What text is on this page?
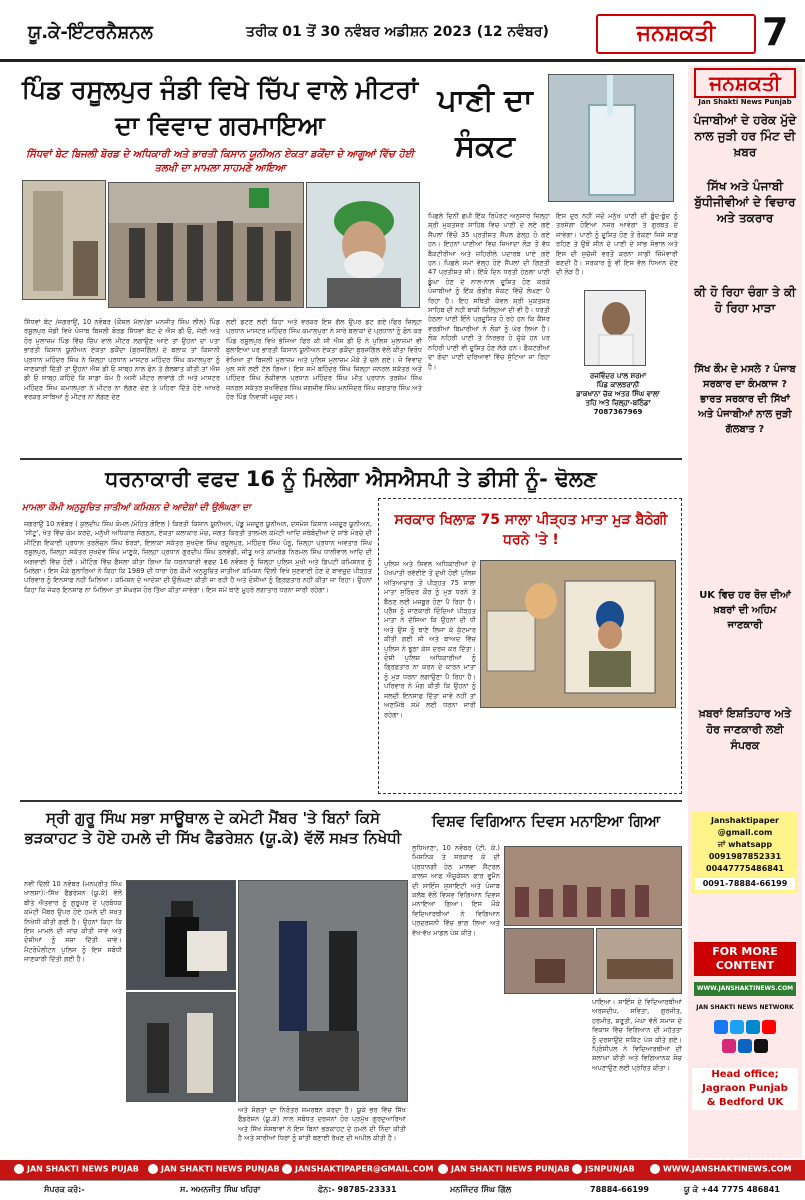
ਯੂ.ਕੇ-ਇੰਟਰਨੈਸ਼ਨਲ	ਤਰੀਕ 01 ਤੋਂ 30 ਨਵੰਬਰ ਅਡੀਸ਼ਨ 2023 (12 ਨਵੰਬਰ)	ਜਨਸ਼ਕਤੀ	7
ਪਿੰਡ ਰਸੂਲਪੁਰ ਜੰਡੀ ਵਿਖੇ ਚਿੱਪ ਵਾਲੇ ਮੀਟਰਾਂ ਦਾ ਵਿਵਾਦ ਗਰਮਾਇਆ
ਸਿੱਧਵਾਂ ਬੇਟ ਬਿਜਲੀ ਬੋਰਡ ਦੇ ਅਧਿਕਾਰੀ ਅਤੇ ਭਾਰਤੀ ਕਿਸਾਨ ਯੂਨੀਅਨ ਏਕਤਾ ਡਕੌਂਦਾ ਦੇ ਆਗੂਆਂ ਵਿੱਚ ਹੋਈ ਤਲਖੀ ਦਾ ਮਾਮਲਾ ਸਾਹਮਣੇ ਆਇਆ
ਸਿੱਧਵਾਂ ਬੇਟ /ਜਗਰਾਉਂ, 10 ਨਵੰਬਰ (ਕੌਸ਼ਲ ਮੱਲਾ/ਡਾ ਮਨਜੀਤ ਸਿੰਘ ਲੀਲ) ਪਿੰਡ ਰਸੂਲਪੁਰ ਜੰਡੀ ਵਿਖੇ ਪੰਜਾਬ ਬਿਜਲੀ ਬੋਰਡ ਸਿੱਧਵਾਂ ਬੇਟ ਦੇ ਐਸ ਡੀ ਓ, ਜੇਈ ਅਤੇ ਹੋਰ ਮੁਲਾਜ਼ਮ ਪਿੰਡ ਵਿੱਚ ਚਿੱਪ ਵਾਲੇ ਮੀਟਰ ਲਗਾਉਣ ਆਏ ਤਾਂ ਉਹਨਾਂ ਦਾ ਪਤਾ ਭਾਰਤੀ ਕਿਸਾਨ ਯੂਨੀਅਨ ਏਕਤਾ ਡਕੌਂਦਾ (ਬੁਰਜਗਿੱਲ) ਦੇ ਬਲਾਕ ਤਾਂ ਕਿਸਾਨੀ ਪ੍ਰਧਾਨ ਮਹਿੰਦਰ ਸਿੰਘ ਨੇ ਜ਼ਿਲ੍ਹਾ ਪ੍ਰਧਾਨ ਮਾਸਟਰ ਮਹਿੰਦਰ ਸਿੰਘ ਕਮਾਲਪੁਰਾ ਨੂੰ ਜਾਣਕਾਰੀ ਦਿੱਤੀ ਤਾਂ ਉਹਨਾਂ ਐਸ ਡੀ ਓ ਸਾਬ੍ਹ ਨਾਲ ਫੋਨ ਤੇ ਗੱਲਬਾਤ ਕੀਤੀ ਤਾਂ ਐਸ ਡੀ ਓ ਸਾਬ੍ਹ ਕਹਿੰਦੇ ਕਿ ਸਾਡਾ ਕੰਮ ਹੈ ਅਸੀਂ ਮੀਟਰ ਲਾਵਾਂਗੇ ਹੀ ਅਤੇ ਮਾਸਟਰ ਮਹਿੰਦਰ ਸਿੰਘ ਕਮਾਲਪੁਰਾ ਨੇ ਮੀਟਰ ਨਾ ਲੱਗਣ ਦੇਣ ਤੇ ਪਹਿਰਾ ਦਿੱਤੇ ਹੋਏ ਆਖਰੇ ਵਰਕਰ ਸਾਥਿਆਂ ਨੂੰ ਮੀਟਰ ਨਾ ਲੱਗਣ ਦੇਣ
ਲਈ ਡਟਣ ਲਈ ਕਿਹਾ ਅਤੇ ਵਰਕਰ ਇਸ ਗੱਲ ਉਪਰ ਡਟ ਗਏ।ਫਿਰ ਜ਼ਿਲ੍ਹਾ ਪ੍ਰਧਾਨ ਮਾਸਟਰ ਮਹਿੰਦਰ ਸਿੰਘ ਕਮਾਲਪੁਰਾ ਨੇ ਸਾਰੇ ਬਲਾਕਾਂ ਦੇ ਪ੍ਰਧਾਨਾਂ ਨੂੰ ਫੋਨ ਕਰ ਪਿੰਡ ਰਸੂਲਪੁਰ ਵਿਖੇ ਭੇਜਿਆ ਫਿਰ ਕੀ ਸੀ ਐਸ ਡੀ ਓ ਨੇ ਪੁਲਿਸ ਮੁਲਾਜ਼ਮਾਂ ਵੀ ਬੁਲਾਇਆ ਪਰ ਭਾਰਤੀ ਕਿਸਾਨ ਯੂਨੀਅਨ ਏਕਤਾ ਡਕੌਂਦਾ ਬੁਰਜਗਿੱਲ ਵੱਲੋਂ ਕੀਤਾ ਵਿਰੋਧ ਵੇਖਿਆ ਤਾਂ ਬਿਜਲੀ ਮੁਲਾਜ਼ਮ ਅਤੇ ਪੁਲਿਸ ਮੁਲਾਜ਼ਮ ਮੌਕੇ ਤੋਂ ਚਲੇ ਗਏ। ਜੋ ਵਿਵਾਦ ਖੁਲ ਸਨੇ ਲਈ ਟੱਲ ਗਿਆ। ਇਸ ਸਮੇਂ ਬਹਿੰਦਰ ਸਿੰਘ ਜ਼ਿਲ੍ਹਾ ਜਨਰਲ ਸਕੱਤਰ ਅਤੇ ਪਹਿੰਦਰ ਸਿੰਘ ਲੋਕੀਵਾਲ ਪ੍ਰਧਾਨ ਮਹਿੰਦਰ ਸਿੰਘ ਮੀਤ ਪ੍ਰਧਾਨ ਤਰਸੇਮ ਸਿੰਘ ਜਨਰਲ ਸਕੱਤਰ ਸੁਖਵਿੰਦਰ ਸਿੰਘ ਜਗਜੀਵ ਸਿੰਘ ਮਨਜਿੰਦਰ ਸਿੰਘ ਜਗਤਾਰ ਸਿੰਘ ਅਤੇ ਹੋਰ ਪਿੰਡ ਨਿਵਾਸੀ ਮਜੂਦ ਸਨ।
ਪਾਣੀ ਦਾ ਸੰਕਟ
ਪਿਛਲੇ ਦਿਨੀਂ ਛਪੀ ਇੱਕ ਰਿਪੋਰਟ ਅਨੁਸਾਰ ਜ਼ਿਲ੍ਹਾ ਸ਼੍ਰੀ ਮੁਕਤਸਰ ਸਾਹਿਬ ਵਿਚ ਪਾਣੀ ਦੇ ਲਏ ਗਏ ਸੈਂਪਲਾਂ ਵਿੱਚੋਂ 35 ਪ੍ਰਤੀਸ਼ਤ ਸੈਂਪਲ ਫ਼ੇਲ੍ਹ ਹੋ ਗਏ ਹਨ। ਇਹਨਾਂ ਪਾਣੀਆਂ ਵਿਚ ਜ਼ਿਆਦਾ ਲੋੜ ਤੋਂ ਵੱਧ ਬੈਕਟੀਰੀਆ ਅਤੇ ਜ਼ਹਿਰੀਲੇ ਪਦਾਰਥ ਪਾਏ ਗਏ ਹਨ। ਪਿਛਲੇ ਸਮਾਂ ਵੇਲ੍ਹ ਹੋਏ ਸੈਂਪਲਾਂ ਦੀ ਗਿਣਤੀ 47 ਪ੍ਰਤੀਸ਼ਤ ਸੀ। ਇੱਕੋ ਦਿਨ ਧਰਤੀ ਹੇਠਲਾ ਪਾਣੀ ਡੂੰਘਾ ਹੋਣ ਦੇ ਨਾਲ-ਨਾਲ ਦੂਸ਼ਿਤ ਹੋਣ ਕਰਕੇ ਪੰਜਾਬੀਆਂ ਨੂੰ ਇੱਕ ਗੰਭੀਰ ਸੰਕਟ ਵਿੱਚੋਂ ਲੰਘਣਾ ਪੈ ਰਿਹਾ ਹੈ। ਇਹ ਸਥਿਤੀ ਕੇਵਲ ਸ਼੍ਰੀ ਮੁਕਤਸਰ ਸਾਹਿਬ ਦੀ ਨਹੀਂ ਬਾਕੀ ਜ਼ਿਲ੍ਹਿਆਂ ਦੀ ਵੀ ਹੈ। ਧਰਤੀ ਹੇਠਲਾ ਪਾਣੀ ਇੰਨੇ ਪ੍ਰਦੂਸ਼ਿਤ ਹੋ ਰਹੇ ਹਨ ਕਿ ਕੈਂਸਰ ਵਰਗੀਆਂ ਬਿਮਾਰੀਆਂ ਨੇ ਲੋਕਾਂ ਨੂੰ ਘੇਰ ਲਿਆ ਹੈ। ਲੋਕ ਨਹਿਰੀ ਪਾਣੀ ਤੇ ਨਿਰਭਰ ਹੋ ਚੁੱਕੇ ਹਨ ਪਰ ਨਹਿਰੀ ਪਾਣੀ ਵੀ ਦੂਸ਼ਿਤ ਹੋਣ ਲੱਗੇ ਹਨ। ਫੈਕਟਰੀਆਂ ਦਾ ਗੰਦਾ ਪਾਣੀ ਦਰਿਆਵਾਂ ਵਿੱਚ ਸੁੱਟਿਆ ਜਾ ਰਿਹਾ ਹੈ।
ਇਸ ਦੁਰ ਨਹੀਂ ਜਦੋਂ ਮਨੁੱਖ ਪਾਣੀ ਦੀ ਬੂੰਦ-ਬੂੰਦ ਨੂੰ ਤਰਸੇਗਾ ਹੋਇਆ ਨਜ਼ਰ ਆਵੇਗਾ ਤੇ ਗੁਰਬਤ ਦੇ ਜਾਵੇਗਾ। ਪਾਣੀ ਨੂੰ ਦੂਸ਼ਿਤ ਹੋਣ ਤੋਂ ਰੋਕਣਾ ਜਿਸੇ ਸਾਫ਼ ਰਹਿਣ ਤੇ ਉਥੋਂ ਸੀਨ ਦੇ ਪਾਣੀ ਦੇ ਸਾਂਭ ਸੰਭਾਲ ਅਤੇ ਇਸ ਦੀ ਸੁਚੱਜੀ ਵਰਤੋਂ ਕਰਨਾ ਸਾਡੀ ਜ਼ਿੰਮੇਵਾਰੀ ਬਣਦੀ ਹੈ। ਸਰਕਾਰ ਨੂੰ ਵੀ ਇਸ ਵੱਲ ਧਿਆਨ ਦੇਣ ਦੀ ਲੋੜ ਹੈ।
ਰਜਵਿੰਦਰ ਪਾਲ ਸ਼ਰਮਾ
ਪਿੰਡ ਕਾਲਝਰਾਨੀ
ਡਾਕਖਾਨਾ ਚੱਕ ਅਤਰ ਸਿੰਘ ਵਾਲਾ
ਤਹਿ ਅਤੇ ਜ਼ਿਲ੍ਹਾ-ਬਠਿੰਡਾ
7087367969
ਧਰਨਾਕਾਰੀ ਵਫਦ 16 ਨੂੰ ਮਿਲੇਗਾ ਐਸਐਸਪੀ ਤੇ ਡੀਸੀ ਨੂੰ- ਢੋਲਣ
ਮਾਮਲਾ ਕੌਮੀ ਅਨੁਸੂਚਿਤ ਜਾਤੀਆਂ ਕਮਿਸ਼ਨ ਦੇ ਆਦੇਸ਼ਾਂ ਦੀ ਉਲੰਘਣਾ ਦਾ
ਜਗਰਾਉਂ 10 ਨਵੰਬਰ ( ਕੁਲਦੀਪ ਸਿੰਘ ਕੋਮਲ /ਮੋਹਿਤ ਗੋਇਲ ) ਕਿਰਤੀ ਕਿਸਾਨ ਯੂਨੀਅਨ, ਪੇਂਡੂ ਮਜ਼ਦੂਰ ਯੂਨੀਅਨ, ਦਸਮੇਸ਼ ਕਿਸਾਨ ਮਜ਼ਦੂਰ ਯੂਨੀਅਨ, 'ਸੀਟੂ', ਖੇਤ ਵਿੱਚ ਕੰਮ ਕਰਦੇ, ਮਨੁੱਖੀ ਅਧਿਕਾਰ ਸੰਗਠਨ, ਏਕਤਾ ਕਲਾਕਾਰ ਮੰਚ, ਜਗਤ ਕਿਰਤੀ ਤਾਲਮੇਲ ਕਮੇਟੀ ਆਦਿ ਜਥੇਬੰਦੀਆਂ ਦੇ ਸਾਂਝੇ ਮੋਰਚੇ ਦੀ ਮੀਟਿੰਗ ਇਕਾਈ ਪ੍ਰਧਾਨ ਤਰਲੋਚਨ ਸਿੰਘ ਝੋਰੜਾਂ, ਇਲਾਕਾ ਸਕੱਤਰ ਸੁਖਦੇਵ ਸਿੰਘ ਰਸੂਲਪੁਰ, ਮਹਿੰਦਰ ਸਿੰਘ ਪੰਨੂ, ਜ਼ਿਲ੍ਹਾ ਪ੍ਰਧਾਨ ਅਵਤਾਰ ਸਿੰਘ ਰਸੂਲਪੁਰ, ਜ਼ਿਲ੍ਹਾ ਸਕੱਤਰ ਸੁਖਦੇਵ ਸਿੰਘ ਮਾਣੂਕੇ, ਜ਼ਿਲ੍ਹਾ ਪ੍ਰਧਾਨ ਗੁਰਦੀਪ ਸਿੰਘ ਤਲਵੰਡੀ, ਜੀਤੂ ਅਤੇ ਕਾਮਰੇਡ ਨਿਰਮਲ ਸਿੰਘ ਧਾਲੀਵਾਲ ਆਦਿ ਦੀ ਅਗਵਾਈ ਵਿੱਚ ਹੋਈ। ਮੀਟਿੰਗ ਵਿੱਚ ਫੈਸਲਾ ਕੀਤਾ ਗਿਆ ਕਿ ਧਰਨਾਕਾਰੀ ਵਫਦ 16 ਨਵੰਬਰ ਨੂੰ ਜ਼ਿਲ੍ਹਾ ਪੁਲਿਸ ਮੁਖੀ ਅਤੇ ਡਿਪਟੀ ਕਮਿਸ਼ਨਰ ਨੂੰ ਮਿਲੇਗਾ। ਇਸ ਮੌਕੇ ਬੁਲਾਰਿਆਂ ਨੇ ਕਿਹਾ ਕਿ 1989 ਦੀ ਧਾਰਾ ਹੇਠ ਕੌਮੀ ਅਨੁਸੂਚਿਤ ਜਾਤੀਆਂ ਕਮਿਸ਼ਨ ਦਿੱਲੀ ਵਿਖੇ ਸੁਣਵਾਈ ਹੋਣ ਦੇ ਬਾਵਜੂਦ ਪੀੜ੍ਹਤ ਪਰਿਵਾਰ ਨੂੰ ਇਨਸਾਫ ਨਹੀਂ ਮਿਲਿਆ। ਕਮਿਸ਼ਨ ਦੇ ਆਦੇਸ਼ਾਂ ਦੀ ਉਲੰਘਣਾ ਕੀਤੀ ਜਾ ਰਹੀ ਹੈ ਅਤੇ ਦੋਸ਼ੀਆਂ ਨੂੰ ਗ੍ਰਿਫ਼ਤਾਰ ਨਹੀਂ ਕੀਤਾ ਜਾ ਰਿਹਾ। ਉਹਨਾਂ ਕਿਹਾ ਕਿ ਜੇਕਰ ਇਨਸਾਫ ਨਾ ਮਿਲਿਆ ਤਾਂ ਸੰਘਰਸ਼ ਹੋਰ ਤਿੱਖਾ ਕੀਤਾ ਜਾਵੇਗਾ। ਇਸ ਸਮੇਂ ਥਾਣੇ ਮੂਹਰੇ ਲਗਾਤਾਰ ਧਰਨਾ ਜਾਰੀ ਰਹੇਗਾ।
ਸਰਕਾਰ ਖਿਲਾਫ਼ 75 ਸਾਲਾ ਪੀੜ੍ਹਤ ਮਾਤਾ ਮੁੜ ਬੈਠੇਗੀ ਧਰਨੇ 'ਤੇ !
ਪੁਲਿਸ ਅਤੇ ਸਿਵਲ ਅਧਿਕਾਰੀਆਂ ਦੇ ਪੱਖਪਾਤੀ ਰਵੱਈਏ ਤੋਂ ਦੁਖੀ ਹੋਈ ਪੁਲਿਸ ਅੱਤਿਆਚਾਰ ਤੋਂ ਪੀੜ੍ਹਤ 75 ਸਾਲਾ ਮਾਤਾ ਸੁਰਿੰਦਰ ਕੌਰ ਨੂੰ ਮੁੜ ਧਰਨੇ ਤੇ ਬੈਠਣ ਲਈ ਮਜਬੂਰ ਹੋਣਾ ਪੈ ਰਿਹਾ ਹੈ। ਪ੍ਰੈਸ ਨੂੰ ਜਾਣਕਾਰੀ ਦਿੰਦਿਆਂ ਪੀੜ੍ਹਤ ਮਾਤਾ ਨੇ ਦੱਸਿਆ ਕਿ ਉਹਨਾਂ ਦੀ ਧੀ ਅਤੇ ਉਸ ਨੂੰ ਥਾਣੇ ਲਿਜਾ ਕੇ ਕੁੱਟਮਾਰ ਕੀਤੀ ਗਈ ਸੀ ਅਤੇ ਬਾਅਦ ਵਿੱਚ ਪੁਲਿਸ ਨੇ ਝੂਠਾ ਕੇਸ ਦਰਜ ਕਰ ਦਿੱਤਾ। ਦੋਸ਼ੀ ਪੁਲਿਸ ਅਧਿਕਾਰੀਆਂ ਨੂੰ ਗ੍ਰਿਫ਼ਤਾਰ ਨਾ ਕਰਨ ਦੇ ਕਾਰਨ ਮਾਤਾ ਨੂੰ ਮੁੜ ਧਰਨਾ ਲਗਾਉਣਾ ਪੈ ਰਿਹਾ ਹੈ। ਪਰਿਵਾਰ ਨੇ ਮੰਗ ਕੀਤੀ ਕਿ ਉਹਨਾਂ ਨੂੰ ਜਲਦੀ ਇਨਸਾਫ ਦਿੱਤਾ ਜਾਵੇ ਨਹੀਂ ਤਾਂ ਅਣਮਿੱਥੇ ਸਮੇਂ ਲਈ ਧਰਨਾ ਜਾਰੀ ਰਹੇਗਾ।
ਸ੍ਰੀ ਗੁਰੂ ਸਿੰਘ ਸਭਾ ਸਾਊਥਾਲ ਦੇ ਕਮੇਟੀ ਮੈਂਬਰ 'ਤੇ ਬਿਨਾਂ ਕਿਸੇ ਭੜਕਾਹਟ ਤੇ ਹੋਏ ਹਮਲੇ ਦੀ ਸਿੱਖ ਫੈਡਰੇਸ਼ਨ (ਯੂ.ਕੇ) ਵੱਲੋਂ ਸਖ਼ਤ ਨਿਖੇਧੀ
ਨਵੀਂ ਦਿੱਲੀ 10 ਨਵੰਬਰ (ਮਨਪ੍ਰੀਤ ਸਿੰਘ ਖਾਲਸਾ):-ਸਿੱਖ ਫੈਡਰੇਸ਼ਨ (ਯੂ.ਕੇ) ਵੱਲੋਂ ਬੀਤੇ ਐਤਵਾਰ ਨੂੰ ਗੁਰੂਘਰ ਦੇ ਪ੍ਰਬੰਧਕ ਕਮੇਟੀ ਮੈਂਬਰ ਉਪਰ ਹੋਏ ਹਮਲੇ ਦੀ ਸਖ਼ਤ ਨਿਖੇਧੀ ਕੀਤੀ ਗਈ ਹੈ। ਉਹਨਾਂ ਕਿਹਾ ਕਿ ਇਸ ਮਾਮਲੇ ਦੀ ਜਾਂਚ ਕੀਤੀ ਜਾਵੇ ਅਤੇ ਦੋਸ਼ੀਆਂ ਨੂੰ ਸਜ਼ਾ ਦਿੱਤੀ ਜਾਵੇ। ਮੈਟਰੋਪੋਲੀਟਨ ਪੁਲਿਸ ਨੂੰ ਇਸ ਸਬੰਧੀ ਜਾਣਕਾਰੀ ਦਿੱਤੀ ਗਈ ਹੈ।
ਅਤੇ ਸੰਗਤਾਂ ਦਾ ਨਿਰੰਤਰ ਸਮਰਥਨ ਕਰਦਾ ਹੈ। ਯੂਕੇ ਭਰ ਵਿੱਚ ਸਿੱਖ ਫੈਡਰੇਸ਼ਨ (ਯੂ.ਕੇ) ਨਾਲ ਸਬੰਧਤ ਦਰਜਨਾਂ ਹੋਰ ਪ੍ਰਮੁੱਖ ਗੁਰਦੁਆਰਿਆਂ ਅਤੇ ਸਿੱਖ ਸੰਸਥਾਵਾਂ ਨੇ ਇਸ ਬਿਨਾਂ ਭੜਕਾਹਟ ਦੇ ਹਮਲੇ ਦੀ ਨਿੰਦਾ ਕੀਤੀ ਹੈ ਅਤੇ ਸਾਰੀਆਂ ਧਿਰਾਂ ਨੂੰ ਸ਼ਾਂਤੀ ਬਣਾਈ ਰੱਖਣ ਦੀ ਅਪੀਲ ਕੀਤੀ ਹੈ।
ਵਿਸ਼ਵ ਵਿਗਿਆਨ ਦਿਵਸ ਮਨਾਇਆ ਗਿਆ
ਲੁਧਿਆਣਾ, 10 ਨਵੰਬਰ (ਟੀ. ਕੇ.) ਮਿਸ਼ਨਿਕ ਤੇ ਸਰਕਾਰ ਕੇ ਦੀ ਪ੍ਰਧਾਨਗੀ ਹੇਠ ਮਾਲਵਾ ਸੈਂਟਰਲ ਕਾਲਜ ਆਫ ਐਜੂਕੇਸ਼ਨ ਫਾਰ ਵੂਮੈਨ ਦੀ ਸਾਇੰਸ ਸੁਸਾਇਟੀ ਅਤੇ ਪੰਜਾਬ ਕਲੱਬ ਵੱਲੋਂ ਵਿਸ਼ਵ ਵਿਗਿਆਨ ਦਿਵਸ ਮਨਾਇਆ ਗਿਆ। ਇਸ ਮੌਕੇ ਵਿਦਿਆਰਥੀਆਂ ਨੇ ਵਿਗਿਆਨ ਪ੍ਰਦਰਸ਼ਨੀ ਵਿੱਚ ਭਾਗ ਲਿਆ ਅਤੇ ਵੱਖ-ਵੱਖ ਮਾਡਲ ਪੇਸ਼ ਕੀਤੇ।
ਪਾਇਆ। ਸਾਇੰਸ ਦੇ ਵਿਦਿਆਰਥੀਆਂ ਅਰਸ਼ਦੀਪ, ਸਵਿਤਾ, ਗੁਰਜੀਤ, ਹਰਮੀਤ, ਸ਼ਰੂਤੀ, ਮੇਘਾ ਵੱਲੋਂ ਸਮਾਜ ਦੇ ਵਿਕਾਸ ਵਿੱਚ ਵਿਗਿਆਨ ਦੀ ਮਹੱਤਤਾ ਨੂੰ ਦਰਸਾਉਂਦੇ ਸਕਿੱਟ ਪੇਸ਼ ਕੀਤੇ ਗਏ। ਪ੍ਰਿੰਸੀਪਲ ਨੇ ਵਿਦਿਆਰਥੀਆਂ ਦੀ ਸ਼ਲਾਘਾ ਕੀਤੀ ਅਤੇ ਵਿਗਿਆਨਕ ਸੋਚ ਅਪਣਾਉਣ ਲਈ ਪ੍ਰੇਰਿਤ ਕੀਤਾ।
ਜਨਸ਼ਕਤੀ
Jan Shakti News Punjab
ਪੰਜਾਬੀਆਂ ਦੇ ਹਰੇਕ ਮੁੱਦੇ ਨਾਲ ਜੁੜੀ ਹਰ ਮਿੰਟ ਦੀ ਖ਼ਬਰ
ਸਿੱਖ ਅਤੇ ਪੰਜਾਬੀ ਬੁੱਧੀਜੀਵੀਆਂ ਦੇ ਵਿਚਾਰ ਅਤੇ ਤਕਰਾਰ
ਕੀ ਹੋ ਰਿਹਾ ਚੰਗਾ ਤੇ ਕੀ ਹੋ ਰਿਹਾ ਮਾੜਾ
ਸਿੱਖ ਕੌਮ ਦੇ ਮਸਲੇ ? ਪੰਜਾਬ ਸਰਕਾਰ ਦਾ ਕੰਮਕਾਜ ? ਭਾਰਤ ਸਰਕਾਰ ਦੀ ਸਿੱਖਾਂ ਅਤੇ ਪੰਜਾਬੀਆਂ ਨਾਲ ਜੁੜੀ ਗੱਲਬਾਤ ?
UK ਵਿਚ ਹਰ ਰੋਜ਼ ਦੀਆਂ ਖ਼ਬਰਾਂ ਦੀ ਅਹਿਮ ਜਾਣਕਾਰੀ
ਖ਼ਬਰਾਂ ਇਸ਼ਤਿਹਾਰ ਅਤੇ ਹੋਰ ਜਾਣਕਾਰੀ ਲਈ ਸੰਪਰਕ
Janshaktipaper @gmail.com
ਜਾਂ whatsapp
0091987852331
00447775486841
0091-78884-66199
FOR MORE CONTENT
WWW.JANSHAKTINEWS.COM
JAN SHAKTI NEWS NETWORK

Head office; Jagraon Punjab & Bedford UK
JAN SHAKTI NEWS PUJAB	JAN SHAKTI NEWS PUNJAB	JANSHAKTIPAPER@GMAIL.COM	JAN SHAKTI NEWS PUNJAB	JSNPUNJAB	WWW.JANSHAKTINEWS.COM
ਸੰਪਰਕ ਕਰੋ:-	ਸ. ਅਮਨਜੀਤ ਸਿੰਘ ਖਹਿਰਾ	ਫੋਨ:- 98785-23331	ਮਨਜਿੰਦਰ ਸਿੰਘ ਗਿੱਲ	78884-66199	ਯੂ ਕੇ +44 7775 486841
